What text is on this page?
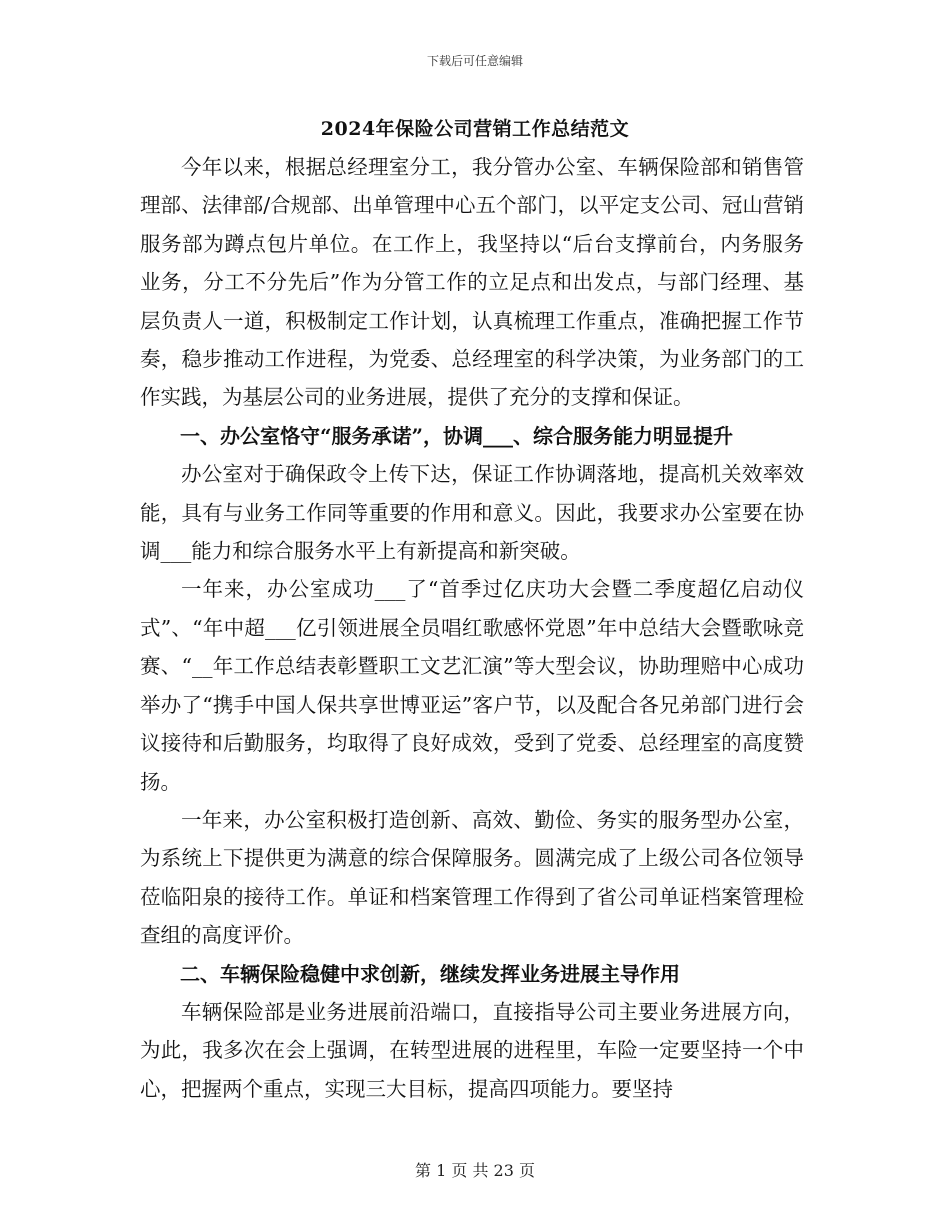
下载后可任意编辑
2024年保险公司营销工作总结范文

今年以来，根据总经理室分工，我分管办公室、车辆保险部和销售管理部、法律部/合规部、出单管理中心五个部门，以平定支公司、冠山营销服务部为蹲点包片单位。在工作上，我坚持以“后台支撑前台，内务服务业务，分工不分先后”作为分管工作的立足点和出发点，与部门经理、基层负责人一道，积极制定工作计划，认真梳理工作重点，准确把握工作节奏，稳步推动工作进程，为党委、总经理室的科学决策，为业务部门的工作实践，为基层公司的业务进展，提供了充分的支撑和保证。

一、办公室恪守“服务承诺”，协调___、综合服务能力明显提升

办公室对于确保政令上传下达，保证工作协调落地，提高机关效率效能，具有与业务工作同等重要的作用和意义。因此，我要求办公室要在协调___能力和综合服务水平上有新提高和新突破。

一年来，办公室成功___了“首季过亿庆功大会暨二季度超亿启动仪式”、“年中超___亿引领进展全员唱红歌感怀党恩”年中总结大会暨歌咏竞赛、“__年工作总结表彰暨职工文艺汇演”等大型会议，协助理赔中心成功举办了“携手中国人保共享世博亚运”客户节，以及配合各兄弟部门进行会议接待和后勤服务，均取得了良好成效，受到了党委、总经理室的高度赞扬。

一年来，办公室积极打造创新、高效、勤俭、务实的服务型办公室，为系统上下提供更为满意的综合保障服务。圆满完成了上级公司各位领导莅临阳泉的接待工作。单证和档案管理工作得到了省公司单证档案管理检查组的高度评价。

二、车辆保险稳健中求创新，继续发挥业务进展主导作用

车辆保险部是业务进展前沿端口，直接指导公司主要业务进展方向，为此，我多次在会上强调，在转型进展的进程里，车险一定要坚持一个中心，把握两个重点，实现三大目标，提高四项能力。要坚持

第 1 页 共 23 页
